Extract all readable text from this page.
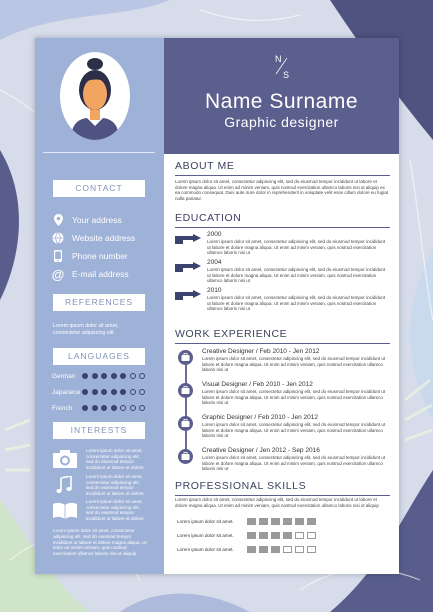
CONTACT
Your address
Website address
Phone number
@ E-mail address
REFERENCES
Lorem ipsum dolor sit amet, consectetur adipiscing elit.
LANGUAGES
German
Japanece
French
INTERESTS
Lorem ipsum dolor sit amet, consectetur adipiscing elit, sed do eiusmod tempor incididunt ut labore et dolore
Lorem ipsum dolor sit amet, consectetur adipiscing elit, sed do eiusmod tempor incididunt ut labore et dolore
Lorem ipsum dolor sit amet, consectetur adipiscing elit, sed do eiusmod tempor incididunt ut labore et dolore
Lorem ipsum dolor sit amet, consectetur adipiscing elit, sed do eiusmod tempor incididunt ut labore et dolore magna aliqua. Ut enim ad minim veniam, quis nostrud exercitation ullamco laboris nisi ut aliquip
N
S
Name Surname
Graphic designer
ABOUT ME
Lorem ipsum dolor sit amet, consectetur adipiscing elit, sed do eiusmod tempor incididunt ut labore et dolore magna aliqua. Ut enim ad minim veniam, quis nostrud exercitation ullamco laboris nisi ut aliquip ex ea commodo consequat. Duis aute irure dolor in reprehenderit in voluptate velit esse cillum dolore eu fugiat nulla pariatur.
EDUCATION
2000
Lorem ipsum dolor sit amet, consectetur adipiscing elit, sed do eiusmod tempor incididunt ut labore et dolore magna aliqua. Ut enim ad minim veniam, quis nostrud exercitation ullamco laboris nisi ut
2004
Lorem ipsum dolor sit amet, consectetur adipiscing elit, sed do eiusmod tempor incididunt ut labore et dolore magna aliqua. Ut enim ad minim veniam, quis nostrud exercitation ullamco laboris nisi ut
2010
Lorem ipsum dolor sit amet, consectetur adipiscing elit, sed do eiusmod tempor incididunt ut labore et dolore magna aliqua. Ut enim ad minim veniam, quis nostrud exercitation ullamco laboris nisi ut
WORK EXPERIENCE
Creative Designer / Feb 2010 - Jen 2012
Lorem ipsum dolor sit amet, consectetur adipiscing elit, sed do eiusmod tempor incididunt ut labore et dolore magna aliqua. Ut enim ad minim veniam, quis nostrud exercitation ullamco laboris nisi ut
Visual Designer / Feb 2010 - Jen 2012
Lorem ipsum dolor sit amet, consectetur adipiscing elit, sed do eiusmod tempor incididunt ut labore et dolore magna aliqua. Ut enim ad minim veniam, quis nostrud exercitation ullamco laboris nisi ut
Graphic Designer / Feb 2010 - Jen 2012
Lorem ipsum dolor sit amet, consectetur adipiscing elit, sed do eiusmod tempor incididunt ut labore et dolore magna aliqua. Ut enim ad minim veniam, quis nostrud exercitation ullamco laboris nisi ut
Creative Designer / Jen 2012 - Sep 2016
Lorem ipsum dolor sit amet, consectetur adipiscing elit, sed do eiusmod tempor incididunt ut labore et dolore magna aliqua. Ut enim ad minim veniam, quis nostrud exercitation ullamco laboris nisi ut
PROFESSIONAL SKILLS
Lorem ipsum dolor sit amet, consectetur adipiscing elit, sed do eiusmod tempor incididunt ut labore et dolore magna aliqua. Ut enim ad minim veniam, quis nostrud exercitation ullamco laboris nisi ut aliquip
Lorem ipsum dolor sit amet.
Lorem ipsum dolor sit amet.
Lorem ipsum dolor sit amet.
